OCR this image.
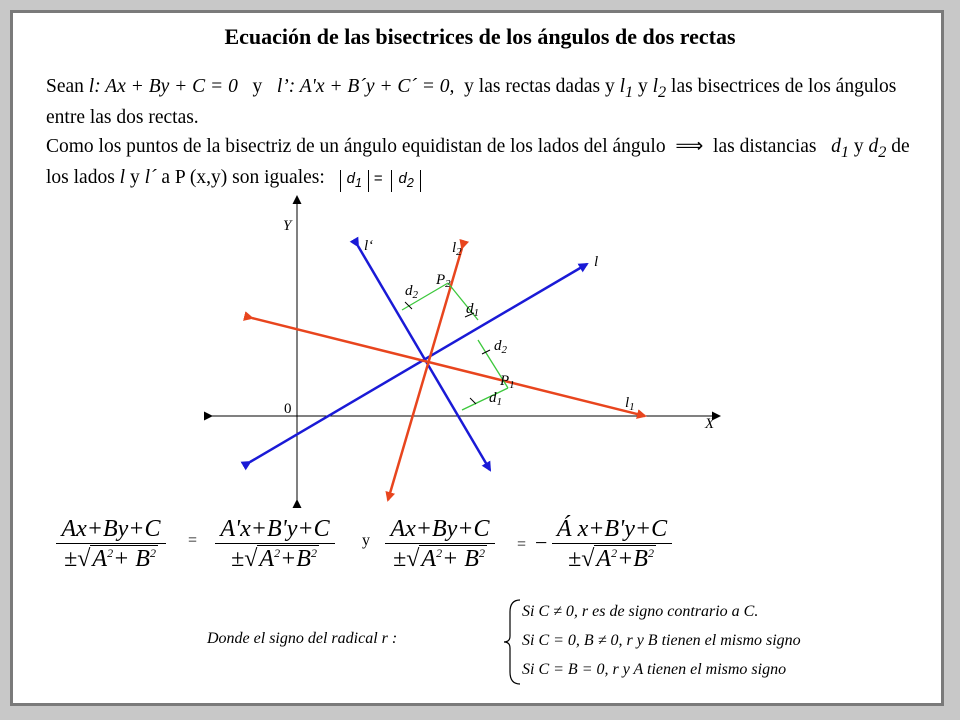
Ecuación de las bisectrices de los ángulos de dos rectas
Sean l: Ax + By + C = 0 y l’: A'x + B´y + C´ = 0, y las rectas dadas y $l_1$ y $l_2$ las bisectrices de los ángulos entre las dos rectas.
Como los puntos de la bisectriz de un ángulo equidistan de los lados del ángulo ⟹ las distancias $d_1$ y $d_2$ de los lados l y l´ a P (x,y) son iguales: $d_1 = d_2$
Y
X
0
l
l‘
$l_1$
$l_2$
$P_2$
$P_1$
$d_2$
$d_1$
$d_2$
$d_1$
$\frac{Ax+By+C}{\pm√A^2+ B^2} = \frac{A'x+B'y+C}{\pm√A^2+B^2}$ y $\frac{Ax+By+C}{\pm√A^2+ B^2}$ = − $\frac{\text{Á x+B'y+C}}{\pm√A^2+B^2}$
Donde el signo del radical r :
Si C ≠ 0, r es de signo contrario a C.
Si C = 0, B ≠ 0, r y B tienen el mismo signo
Si C = B = 0, r y A tienen el mismo signo
